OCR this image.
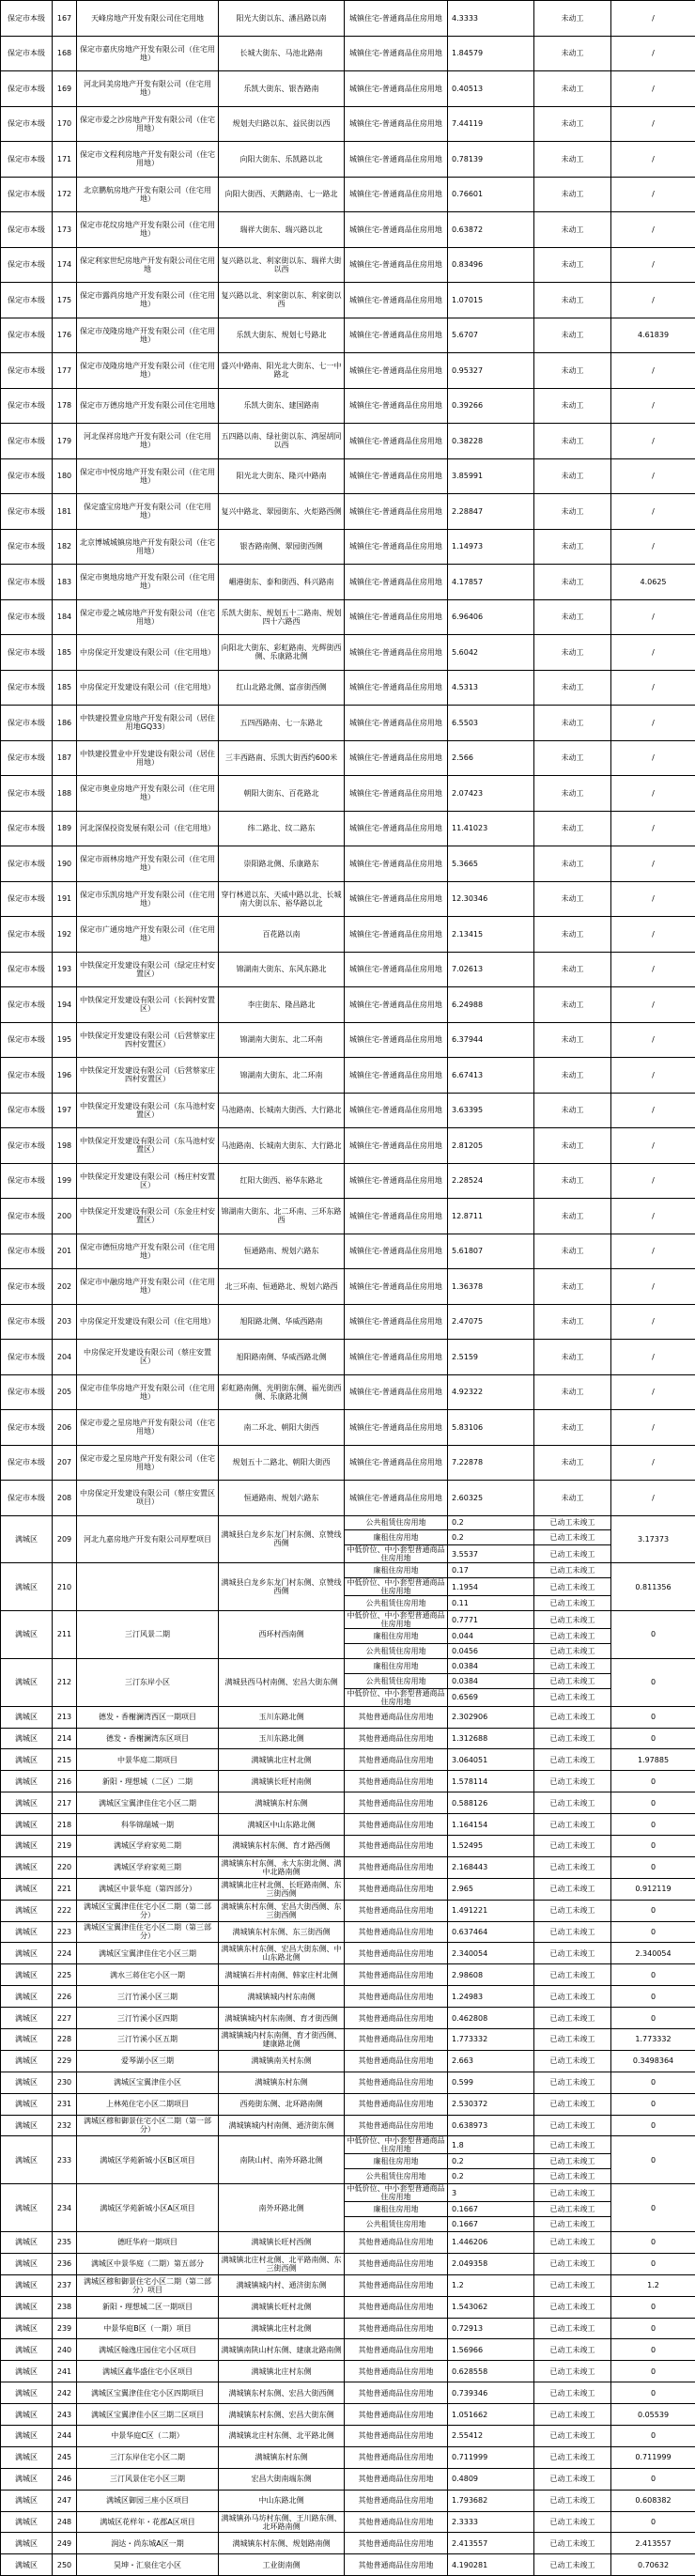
保定市本级	167	天峰房地产开发有限公司住宅用地	阳光大街以东、潘昌路以南	城镇住宅-普通商品住房用地	4.3333	未动工	/
保定市本级	168	保定市嘉庆房地产开发有限公司（住宅用地）	长城大街东、马池北路南	城镇住宅-普通商品住房用地	1.84579	未动工	/
保定市本级	169	河北同美房地产开发有限公司（住宅用地）	乐凯大街东、银杏路南	城镇住宅-普通商品住房用地	0.40513	未动工	/
保定市本级	170	保定市爱之沙房地产开发有限公司（住宅用地）	规划夫归路以东、益民街以西	城镇住宅-普通商品住房用地	7.44119	未动工	/
保定市本级	171	保定市文程利房地产开发有限公司（住宅用地）	向阳大街东、乐凯路以北	城镇住宅-普通商品住房用地	0.78139	未动工	/
保定市本级	172	北京鹏航房地产开发有限公司（住宅用地）	向阳大街西、天鹅路南、七一路北	城镇住宅-普通商品住房用地	0.76601	未动工	/
保定市本级	173	保定市花纹房地产开发有限公司（住宅用地）	瑞祥大街东、瑞兴路以北	城镇住宅-普通商品住房用地	0.63872	未动工	/
保定市本级	174	保定利家世纪房地产开发有限公司住宅用地	复兴路以北、利家街以东、瑞祥大街以西	城镇住宅-普通商品住房用地	0.83496	未动工	/
保定市本级	175	保定市露尚房地产开发有限公司（住宅用地）	复兴路以北、利家街以东、利家街以西	城镇住宅-普通商品住房用地	1.07015	未动工	/
保定市本级	176	保定市茂隆房地产开发有限公司（住宅用地）	乐凯大街东、规划七号路北	城镇住宅-普通商品住房用地	5.6707	未动工	4.61839
保定市本级	177	保定市茂隆房地产开发有限公司（住宅用地）	盛兴中路南、阳光北大街东、七一中路北	城镇住宅-普通商品住房用地	0.95327	未动工	/
保定市本级	178	保定市万德房地产开发有限公司住宅用地	乐凯大街东、建国路南	城镇住宅-普通商品住房用地	0.39266	未动工	/
保定市本级	179	河北保祥房地产开发有限公司（住宅用地）	五四路以南、绿社街以东、鸿屋胡同以西	城镇住宅-普通商品住房用地	0.38228	未动工	/
保定市本级	180	保定市中悦房地产开发有限公司（住宅用地）	阳光北大街东、隆兴中路南	城镇住宅-普通商品住房用地	3.85991	未动工	/
保定市本级	181	保定盛宝房地产开发有限公司（住宅用地）	复兴中路北、翠园街东、火炬路西侧	城镇住宅-普通商品住房用地	2.28847	未动工	/
保定市本级	182	北京博城城镇房地产开发有限公司（住宅用地）	银杏路南侧、翠园街西侧	城镇住宅-普通商品住房用地	1.14973	未动工	/
保定市本级	183	保定市奥地房地产开发有限公司（住宅用地）	嵋港街东、泰和街西、科兴路南	城镇住宅-普通商品住房用地	4.17857	未动工	4.0625
保定市本级	184	保定市爱之城房地产开发有限公司（住宅用地）	乐凯大街东、规划五十二路南、规划四十六路西	城镇住宅-普通商品住房用地	6.96406	未动工	/
保定市本级	185	中房保定开发建设有限公司（住宅用地）	向阳北大街东、彩虹路南、光辉街西侧、乐康路北侧	城镇住宅-普通商品住房用地	5.6042	未动工	/
保定市本级	185	中房保定开发建设有限公司（住宅用地）	红山北路北侧、富彦街西侧	城镇住宅-普通商品住房用地	4.5313	未动工	/
保定市本级	186	中铁建投置业房地产开发有限公司（居住用地GQ33）	五四西路南、七一东路北	城镇住宅-普通商品住房用地	6.5503	未动工	/
保定市本级	187	中铁建投置业中开发建设有限公司（居住用地）	三丰西路南、乐凯大街西约600米	城镇住宅-普通商品住房用地	2.566	未动工	/
保定市本级	188	保定市奥业房地产开发有限公司（住宅用地）	朝阳大街东、百花路北	城镇住宅-普通商品住房用地	2.07423	未动工	/
保定市本级	189	河北深保投资发展有限公司（住宅用地）	纬二路北、纹二路东	城镇住宅-普通商品住房用地	11.41023	未动工	/
保定市本级	190	保定市雨林房地产开发有限公司（住宅用地）	崇阳路北侧、乐康路东	城镇住宅-普通商品住房用地	5.3665	未动工	/
保定市本级	191	保定市乐凯房地产开发有限公司（住宅用地）	穿行林道以东、天威中路以北、长城南大街以东、裕华路以北	城镇住宅-普通商品住房用地	12.30346	未动工	/
保定市本级	192	保定市广通房地产开发有限公司（住宅用地）	百花路以南	城镇住宅-普通商品住房用地	2.13415	未动工	/
保定市本级	193	中铁保定开发建设有限公司（绿定庄村安置区）	锦湖南大街东、东风东路北	城镇住宅-普通商品住房用地	7.02613	未动工	/
保定市本级	194	中铁保定开发建设有限公司（长润村安置区）	李庄街东、隆昌路北	城镇住宅-普通商品住房用地	6.24988	未动工	/
保定市本级	195	中铁保定开发建设有限公司（后营蔡家庄四村安置区）	锦湖南大街东、北二环南	城镇住宅-普通商品住房用地	6.37944	未动工	/
保定市本级	196	中铁保定开发建设有限公司（后营蔡家庄四村安置区）	锦湖南大街东、北二环南	城镇住宅-普通商品住房用地	6.67413	未动工	/
保定市本级	197	中铁保定开发建设有限公司（东马池村安置区）	马池路南、长城南大街西、大行路北	城镇住宅-普通商品住房用地	3.63395	未动工	/
保定市本级	198	中铁保定开发建设有限公司（东马池村安置区）	马池路南、长城南大街东、大行路北	城镇住宅-普通商品住房用地	2.81205	未动工	/
保定市本级	199	中铁保定开发建设有限公司（杨庄村安置区）	红阳大街西、裕华东路北	城镇住宅-普通商品住房用地	2.28524	未动工	/
保定市本级	200	中铁保定开发建设有限公司（东金庄村安置区）	锦湖南大街东、北二环南、三环东路西	城镇住宅-普通商品住房用地	12.8711	未动工	/
保定市本级	201	保定市德恒房地产开发有限公司（住宅用地）	恒通路南、规划六路东	城镇住宅-普通商品住房用地	5.61807	未动工	/
保定市本级	202	保定市中融房地产开发有限公司（住宅用地）	北三环南、恒通路北、规划六路西	城镇住宅-普通商品住房用地	1.36378	未动工	/
保定市本级	203	中房保定开发建设有限公司（住宅用地）	旭阳路北侧、华威西路南	城镇住宅-普通商品住房用地	2.47075	未动工	/
保定市本级	204	中房保定开发建设有限公司（蔡庄安置区）	旭阳路南侧、华威西路北侧	城镇住宅-普通商品住房用地	2.5159	未动工	/
保定市本级	205	保定市佳华房地产开发有限公司（住宅用地）	彩虹路南侧、光明街东侧、福光街西侧、乐康路北侧	城镇住宅-普通商品住房用地	4.92322	未动工	/
保定市本级	206	保定市爱之星房地产开发有限公司（住宅用地）	南二环北、朝阳大街西	城镇住宅-普通商品住房用地	5.83106	未动工	/
保定市本级	207	保定市爱之星房地产开发有限公司（住宅用地）	规划五十二路北、朝阳大街西	城镇住宅-普通商品住房用地	7.22878	未动工	/
保定市本级	208	中房保定开发建设有限公司（蔡庄安置区项目）	恒通路南、规划六路东	城镇住宅-普通商品住房用地	2.60325	未动工	/
满城区	209	河北九嘉房地产开发有限公司厚墅项目	满城县白龙乡东龙门村东侧、京赞线西侧	公共租赁住房用地	0.2	已动工未竣工	3.17373
				廉租住房用地	0.2	已动工未竣工	
				中低价位、中小套型普通商品住房用地	3.5537	已动工未竣工	
满城区	210		满城县白龙乡东龙门村东侧、京赞线西侧	廉租住房用地	0.17	已动工未竣工	0.811356
				中低价位、中小套型普通商品住房用地	1.1954	已动工未竣工	
				公共租赁住房用地	0.11	已动工未竣工	
满城区	211	三汀风景二期	西环村西南侧	中低价位、中小套型普通商品住房用地	0.7771	已动工未竣工	0
				廉租住房用地	0.044	已动工未竣工	
				公共租赁住房用地	0.0456	已动工未竣工	
满城区	212	三汀东岸小区	满城县西马村南侧、宏昌大街东侧	廉租住房用地	0.0384	已动工未竣工	0
				公共租赁住房用地	0.0384	已动工未竣工	
				中低价位、中小套型普通商品住房用地	0.6569	已动工未竣工	
满城区	213	德发・香榭澜湾西区一期项目	玉川东路北侧	其他普通商品住房用地	2.302906	已动工未竣工	0
满城区	214	德发・香榭澜湾东区项目	玉川东路北侧	其他普通商品住房用地	1.312688	已动工未竣工	0
满城区	215	中景华庭二期项目	满城镇北庄村北侧	其他普通商品住房用地	3.064051	已动工未竣工	1.97885
满城区	216	新阳・理想城（二区）二期	满城镇长旺村南侧	其他普通商品住房用地	1.578114	已动工未竣工	0
满城区	217	满城区宝翼津佳住宅小区二期	满城镇东村东侧	其他普通商品住房用地	0.588126	已动工未竣工	0
满城区	218	科华锦瑞城一期	满城区中山东路北侧	其他普通商品住房用地	1.164154	已动工未竣工	0
满城区	219	满城区学府家苑二期	满城镇东村东侧、育才路西侧	其他普通商品住房用地	1.52495	已动工未竣工	0
满城区	220	满城区学府家苑三期	满城镇东村东侧、永大东街北侧、满中北路南侧	其他普通商品住房用地	2.168443	已动工未竣工	0
满城区	221	满城区中景华庭（第四部分）	满城镇北庄村北侧、长旺路南侧、东三街西侧	其他普通商品住房用地	2.965	已动工未竣工	0.912119
满城区	222	满城区宝翼津佳住宅小区二期（第二部分）	满城镇东村东侧、宏昌大街西侧、东三街西侧	其他普通商品住房用地	1.491221	已动工未竣工	0
满城区	223	满城区宝翼津佳住宅小区二期（第三部分）	满城镇东村东侧、东三街西侧	其他普通商品住房用地	0.637464	已动工未竣工	0
满城区	224	满城区宝翼津佳住宅小区三期	满城镇东村东侧、宏昌大街东侧、中山东路北侧	其他普通商品住房用地	2.340054	已动工未竣工	2.340054
满城区	225	满水三蒋住宅小区一期	满城镇石井村南侧、韩家庄村北侧	其他普通商品住房用地	2.98608	已动工未竣工	0
满城区	226	三汀竹溪小区三期	满城镇城内村东南侧	其他普通商品住房用地	1.24983	已动工未竣工	0
满城区	227	三汀竹溪小区四期	满城镇城内村东南侧、育才街西侧	其他普通商品住房用地	0.462808	已动工未竣工	0
满城区	228	三汀竹溪小区五期	满城镇城内村东南侧、育才街西侧、建康路北侧	其他普通商品住房用地	1.773332	已动工未竣工	1.773332
满城区	229	爱琴湖小区三期	满城镇南关村东侧	其他普通商品住房用地	2.663	已动工未竣工	0.3498364
满城区	230	满城区宝翼津佳小区	满城镇东村东侧	其他普通商品住房用地	0.599	已动工未竣工	0
满城区	231	上林苑住宅小区二期项目	西苑街东侧、北环路南侧	其他普通商品住房用地	2.530372	已动工未竣工	0
满城区	232	满城区穆和御景住宅小区二期（第一部分）	满城镇城内村南侧、通济街东侧	其他普通商品住房用地	0.638973	已动工未竣工	0
满城区	233	满城区学苑新城小区B区项目	南陕山村、南外环路北侧	中低价位、中小套型普通商品住房用地	1.8	已动工未竣工	0
				廉租住房用地	0.2	已动工未竣工	
				公共租赁住房用地	0.2	已动工未竣工	
满城区	234	满城区学苑新城小区A区项目	南外环路北侧	中低价位、中小套型普通商品住房用地	3	已动工未竣工	0
				廉租住房用地	0.1667	已动工未竣工	
				公共租赁住房用地	0.1667	已动工未竣工	
满城区	235	德旺华府一期项目	满城镇长旺村西侧	其他普通商品住房用地	1.446206	已动工未竣工	0
满城区	236	满城区中景华庭（二期）第五部分	满城镇北庄村北侧、北平路南侧、东三街西侧	其他普通商品住房用地	2.049358	已动工未竣工	0
满城区	237	满城区穆和御景住宅小区二期（第二部分）项目	满城镇城内村、通济街东侧	其他普通商品住房用地	1.2	已动工未竣工	1.2
满城区	238	新阳・理想城二区一期项目	满城镇长旺村北侧	其他普通商品住房用地	1.543062	已动工未竣工	0
满城区	239	中景华庭B区（一期）项目	满城镇北庄村北侧	其他普通商品住房用地	0.72913	已动工未竣工	0
满城区	240	满城区翰逸庄园住宅小区项目	满城镇南陕山村东侧、建康北路南侧	其他普通商品住房用地	1.56966	已动工未竣工	0
满城区	241	满城区鑫华盛住宅小区项目	满城镇北庄村东侧	其他普通商品住房用地	0.628558	已动工未竣工	0
满城区	242	满城区宝翼津佳住宅小区四期项目	满城镇东村东侧、宏昌大街西侧	其他普通商品住房用地	0.739346	已动工未竣工	0
满城区	243	满城区宝翼津佳小区三期二区项目	满城镇东村东侧、宏昌大街东侧	其他普通商品住房用地	1.051662	已动工未竣工	0.05539
满城区	244	中景华庭C区（二期）	满城镇北庄村东侧、北平路北侧	其他普通商品住房用地	2.55412	已动工未竣工	0
满城区	245	三汀东岸住宅小区二期	满城镇东村东侧	其他普通商品住房用地	0.711999	已动工未竣工	0.711999
满城区	246	三汀风景住宅小区三期	宏昌大街南端东侧	其他普通商品住房用地	0.4809	已动工未竣工	0
满城区	247	满城区御园三座小区项目	中山东路北侧	其他普通商品住房用地	1.793682	已动工未竣工	0.608382
满城区	248	满城区花样年・花郡A区项目	满城镇孙马坊村东侧、王川路东侧、北环路南侧	其他普通商品住房用地	2.3333	已动工未竣工	0
满城区	249	润达・尚东城A区一期	满城镇东村东侧、规划路南侧	其他普通商品住房用地	2.413557	已动工未竣工	2.413557
满城区	250	昊坤・汇泉住宅小区	工业街南侧	其他普通商品住房用地	4.190281	已动工未竣工	0.70632
